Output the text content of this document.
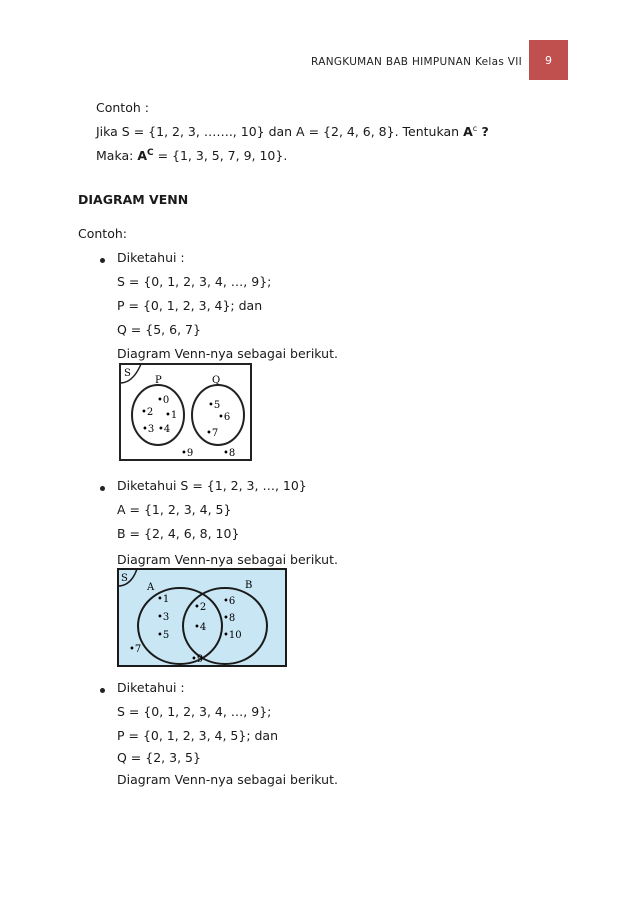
RANGKUMAN BAB HIMPUNAN Kelas VII	9
Contoh :
Jika S = {1, 2, 3, ……., 10} dan A = {2, 4, 6, 8}. Tentukan $A^c$ ?
Maka: $A^C = \{1$, 3, 5, 7, 9, 10}.
DIAGRAM VENN
Contoh:
Diketahui :
S = {0, 1, 2, 3, 4, …, 9};
P = {0, 1, 2, 3, 4}; dan
Q = {5, 6, 7}
Diagram Venn-nya sebagai berikut.
S
P	Q
•0
•2 •1
•3 •4
•5
•6
•7
•9	•8
Diketahui S = {1, 2, 3, …, 10}
A = {1, 2, 3, 4, 5}
B = {2, 4, 6, 8, 10}
Diagram Venn-nya sebagai berikut.
S
A	B
•1
•3
•5
•2
•4
•6
•8
•10
•7
•9
Diketahui :
S = {0, 1, 2, 3, 4, …, 9};
P = {0, 1, 2, 3, 4, 5}; dan
Q = {2, 3, 5}
Diagram Venn-nya sebagai berikut.
